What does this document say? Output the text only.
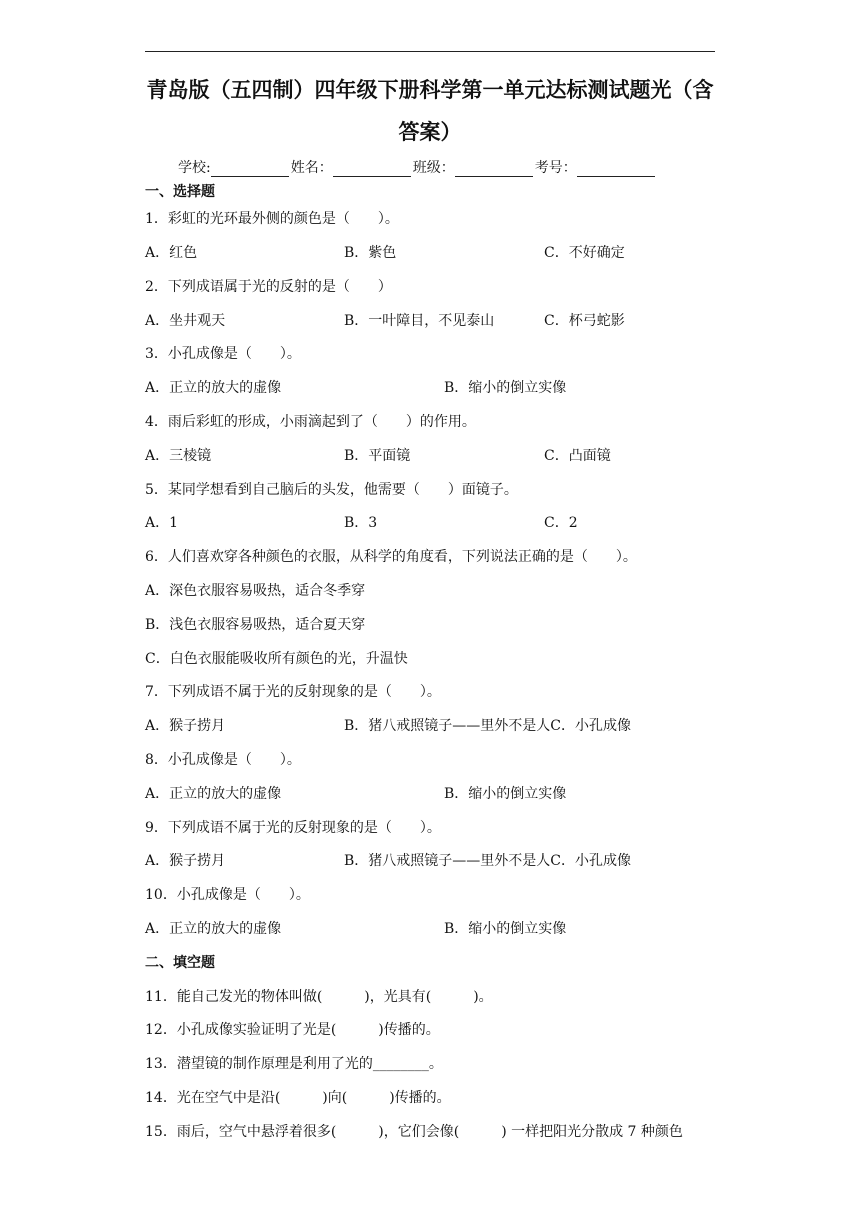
青岛版（五四制）四年级下册科学第一单元达标测试题光（含
答案）
学校:	姓名：	班级：	考号：
一、选择题
1．彩虹的光环最外侧的颜色是（　　）。
A．红色	B．紫色	C．不好确定
2．下列成语属于光的反射的是（　　）
A．坐井观天	B．一叶障目，不见泰山	C．杯弓蛇影
3．小孔成像是（　　）。
A．正立的放大的虚像	B．缩小的倒立实像
4．雨后彩虹的形成，小雨滴起到了（　　）的作用。
A．三棱镜	B．平面镜	C．凸面镜
5．某同学想看到自己脑后的头发，他需要（　　）面镜子。
A．1	B．3	C．2
6．人们喜欢穿各种颜色的衣服，从科学的角度看，下列说法正确的是（　　）。
A．深色衣服容易吸热，适合冬季穿
B．浅色衣服容易吸热，适合夏天穿
C．白色衣服能吸收所有颜色的光，升温快
7．下列成语不属于光的反射现象的是（　　）。
A．猴子捞月	B．猪八戒照镜子——里外不是人C．小孔成像
8．小孔成像是（　　）。
A．正立的放大的虚像	B．缩小的倒立实像
9．下列成语不属于光的反射现象的是（　　）。
A．猴子捞月	B．猪八戒照镜子——里外不是人C．小孔成像
10．小孔成像是（　　）。
A．正立的放大的虚像	B．缩小的倒立实像
二、填空题
11．能自己发光的物体叫做(　　　)，光具有(　　　)。
12．小孔成像实验证明了光是(　　　)传播的。
13．潜望镜的制作原理是利用了光的________。
14．光在空气中是沿(　　　)向(　　　)传播的。
15．雨后，空气中悬浮着很多(　　　)，它们会像(　　　) 一样把阳光分散成 7 种颜色
